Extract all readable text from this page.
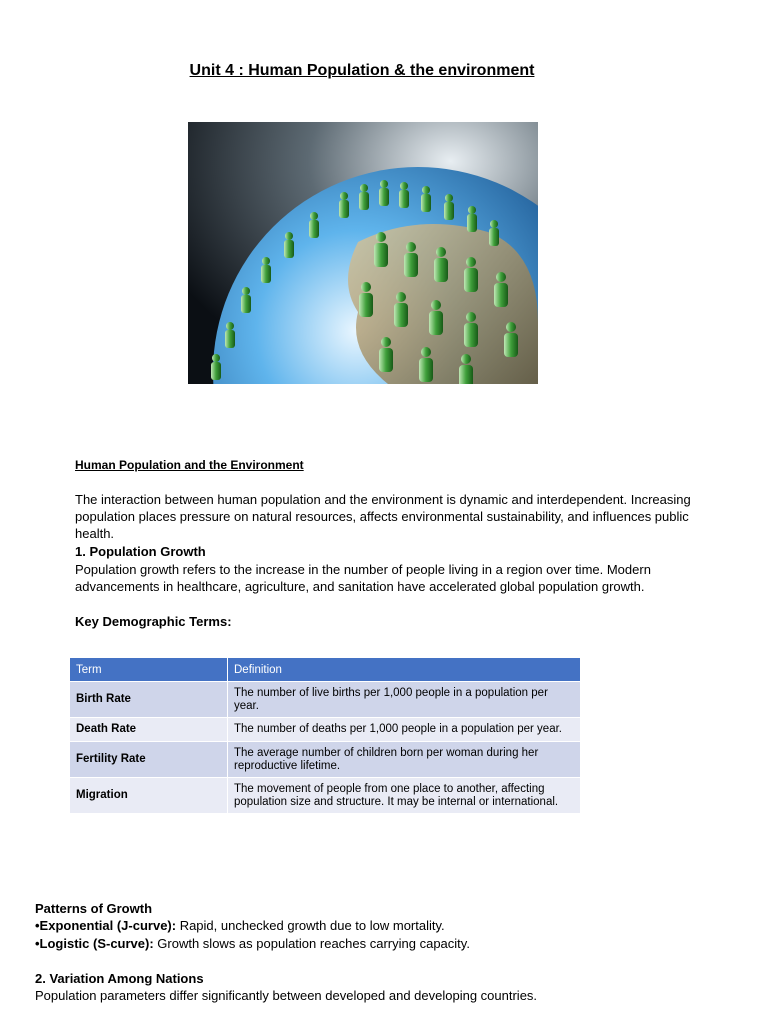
Unit 4 : Human Population & the environment
Human Population and the Environment
The interaction between human population and the environment is dynamic and interdependent. Increasing population places pressure on natural resources, affects environmental sustainability, and influences public health.
1. Population Growth
Population growth refers to the increase in the number of people living in a region over time. Modern advancements in healthcare, agriculture, and sanitation have accelerated global population growth.
Key Demographic Terms:
Term	Definition
Birth Rate	The number of live births per 1,000 people in a population per year.
Death Rate	The number of deaths per 1,000 people in a population per year.
Fertility Rate	The average number of children born per woman during her reproductive lifetime.
Migration	The movement of people from one place to another, affecting population size and structure. It may be internal or international.
Patterns of Growth
•Exponential (J-curve): Rapid, unchecked growth due to low mortality.
•Logistic (S-curve): Growth slows as population reaches carrying capacity.
2. Variation Among Nations
Population parameters differ significantly between developed and developing countries.
